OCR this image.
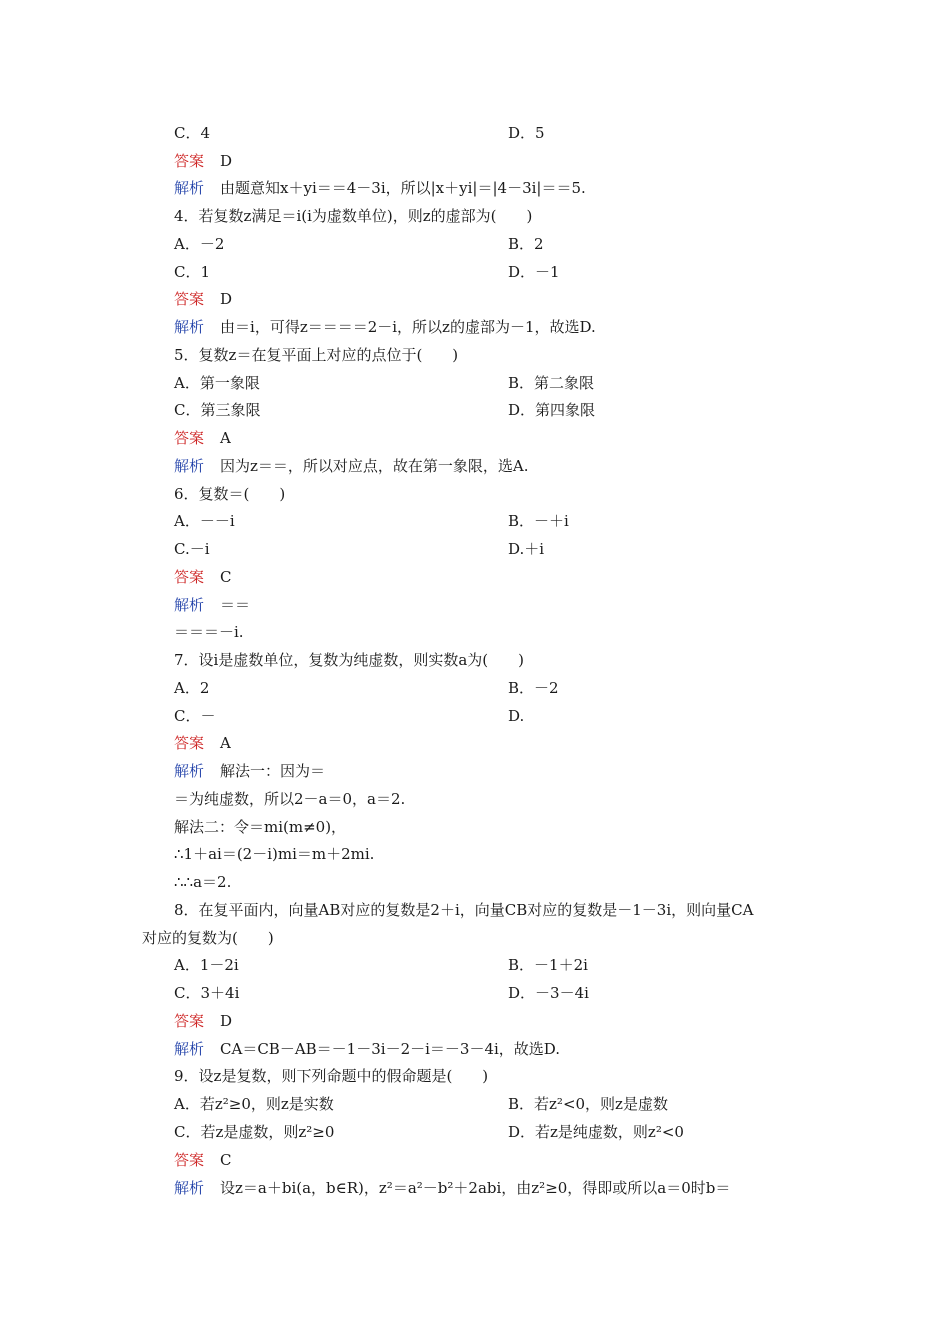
C．4	D．5
答案 D
解析 由题意知x＋yi＝＝4－3i，所以|x＋yi|＝|4－3i|＝＝5.
4．若复数z满足＝i(i为虚数单位)，则z的虚部为(　　)
A．－2	B．2
C．1	D．－1
答案 D
解析 由＝i，可得z＝＝＝＝2－i，所以z的虚部为－1，故选D.
5．复数z＝在复平面上对应的点位于(　　)
A．第一象限	B．第二象限
C．第三象限	D．第四象限
答案 A
解析 因为z＝＝，所以对应点，故在第一象限，选A.
6．复数＝(　　)
A．－－i	B．－＋i
C.－i	D.＋i
答案 C
解析 ＝＝
＝＝＝－i.
7．设i是虚数单位，复数为纯虚数，则实数a为(　　)
A．2	B．－2
C．－	D.
答案 A
解析 解法一：因为＝
＝为纯虚数，所以2－a＝0，a＝2.
解法二：令＝mi(m≠0)，
∴1＋ai＝(2－i)mi＝m＋2mi.
∴∴a＝2.
8．在复平面内，向量AB对应的复数是2＋i，向量CB对应的复数是－1－3i，则向量CA
对应的复数为(　　)
A．1－2i	B．－1＋2i
C．3＋4i	D．－3－4i
答案 D
解析 CA＝CB－AB＝－1－3i－2－i＝－3－4i，故选D.
9．设z是复数，则下列命题中的假命题是(　　)
A．若z²≥0，则z是实数	B．若z²<0，则z是虚数
C．若z是虚数，则z²≥0	D．若z是纯虚数，则z²<0
答案 C
解析 设z＝a＋bi(a，b∈R)，z²＝a²－b²＋2abi，由z²≥0，得即或所以a＝0时b＝
